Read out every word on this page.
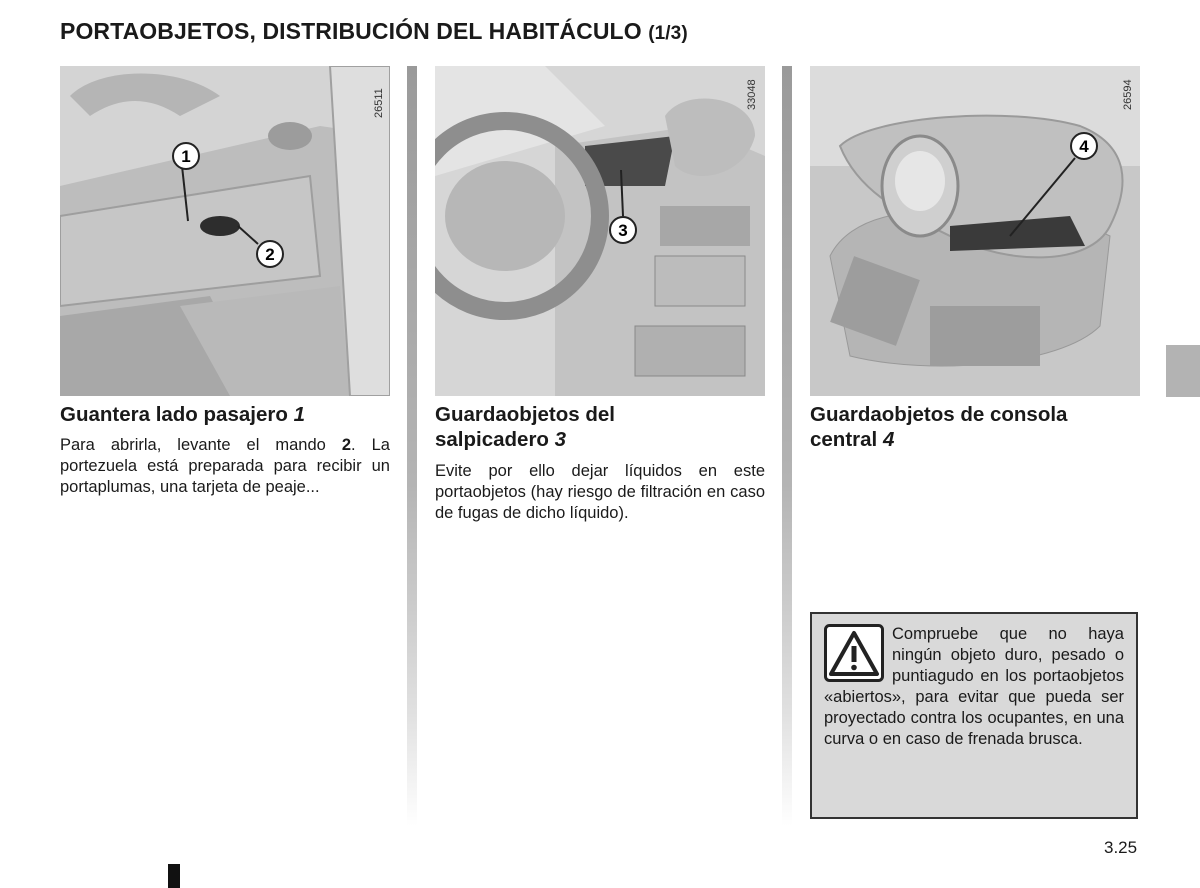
PORTAOBJETOS, DISTRIBUCIÓN DEL HABITÁCULO (1/3)
1
2
26511
3
33048
4
26594
Guantera lado pasajero 1
Para abrirla, levante el mando 2. La portezuela está preparada para recibir un portaplumas, una tarjeta de peaje...
Guardaobjetos del
salpicadero 3
Evite por ello dejar líquidos en este portaobjetos (hay riesgo de filtración en caso de fugas de dicho líquido).
Guardaobjetos de consola
central 4
Compruebe que no haya ningún objeto duro, pesado o puntiagudo en los portaobjetos «abiertos», para evitar que pueda ser proyectado contra los ocupantes, en una curva o en caso de frenada brusca.
3.25
